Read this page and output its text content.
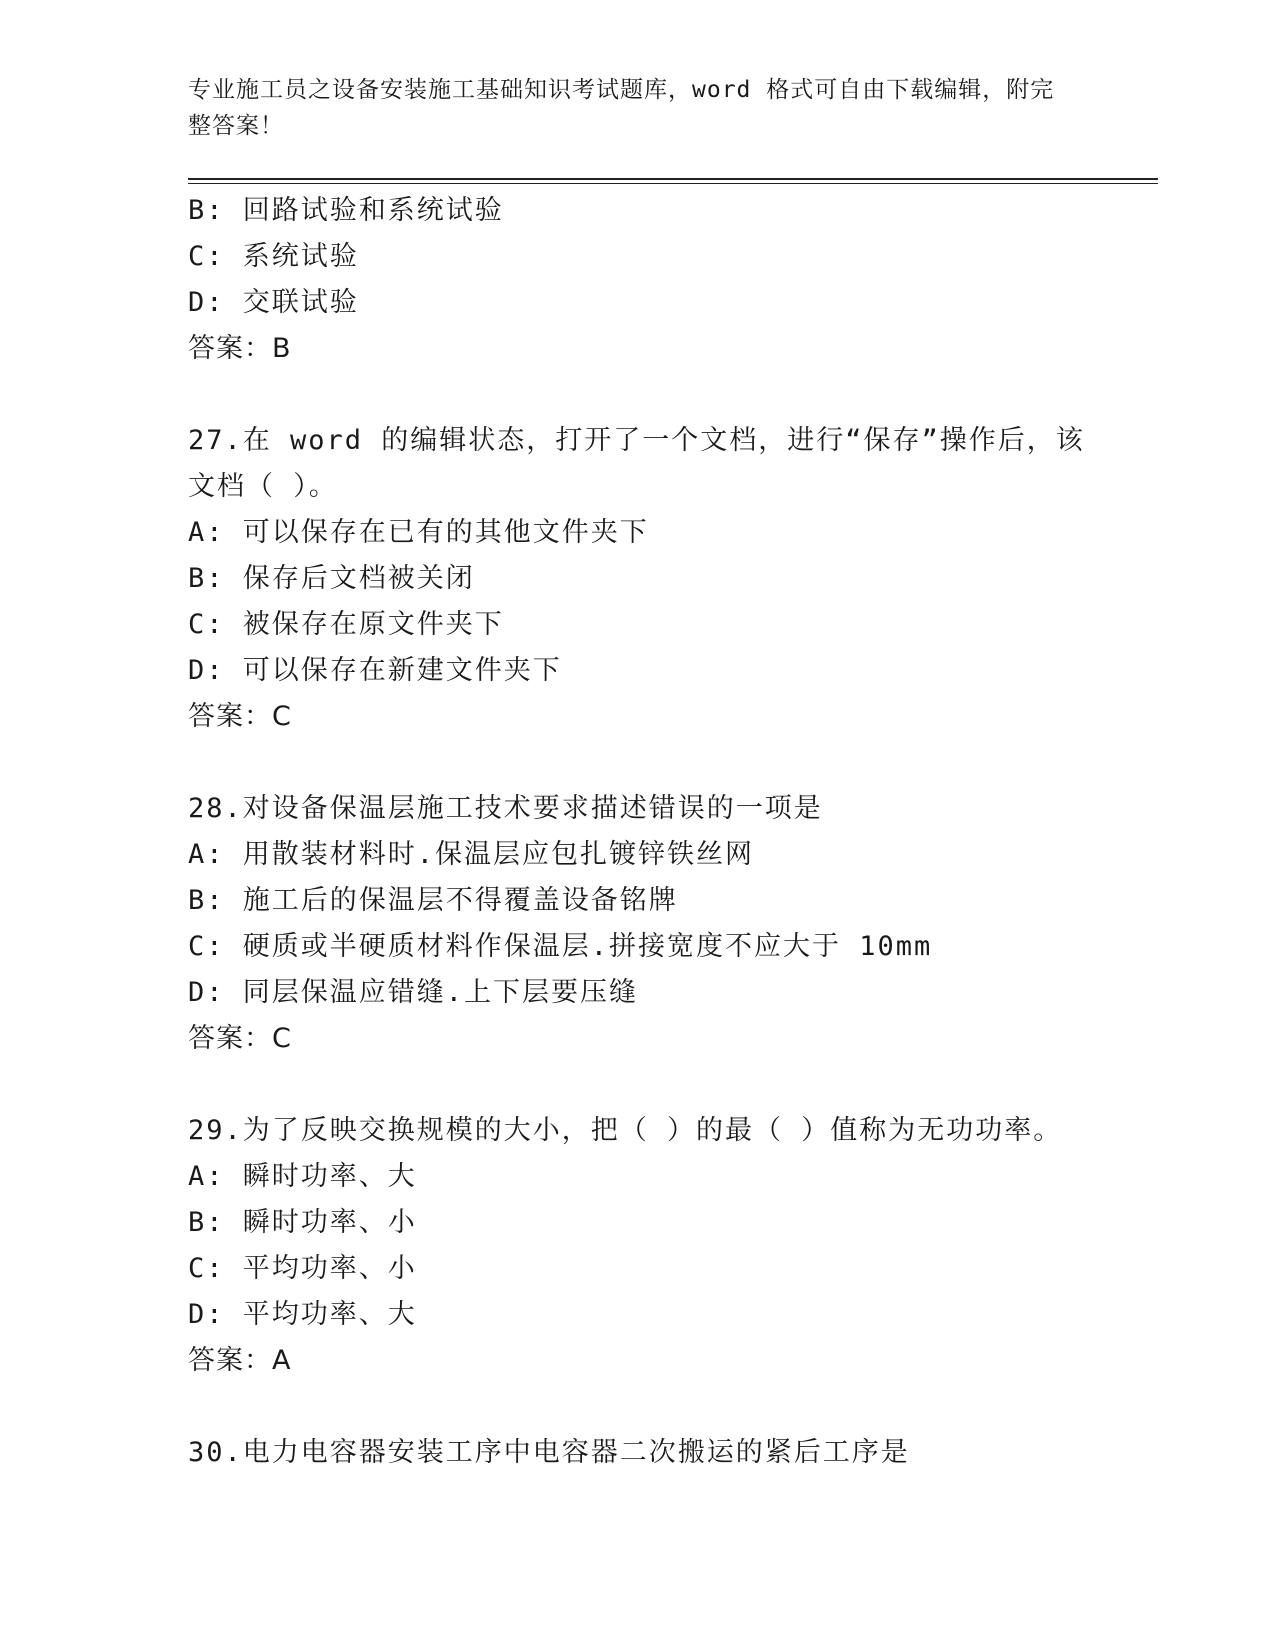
专业施工员之设备安装施工基础知识考试题库，word 格式可自由下载编辑，附完
整答案！
B: 回路试验和系统试验
C: 系统试验
D: 交联试验
答案：B
27.在 word 的编辑状态，打开了一个文档，进行“保存”操作后，该
文档（ ）。
A: 可以保存在已有的其他文件夹下
B: 保存后文档被关闭
C: 被保存在原文件夹下
D: 可以保存在新建文件夹下
答案：C
28.对设备保温层施工技术要求描述错误的一项是
A: 用散装材料时.保温层应包扎镀锌铁丝网
B: 施工后的保温层不得覆盖设备铭牌
C: 硬质或半硬质材料作保温层.拼接宽度不应大于 10mm
D: 同层保温应错缝.上下层要压缝
答案：C
29.为了反映交换规模的大小，把（ ）的最（ ）值称为无功功率。
A: 瞬时功率、大
B: 瞬时功率、小
C: 平均功率、小
D: 平均功率、大
答案：A
30.电力电容器安装工序中电容器二次搬运的紧后工序是
